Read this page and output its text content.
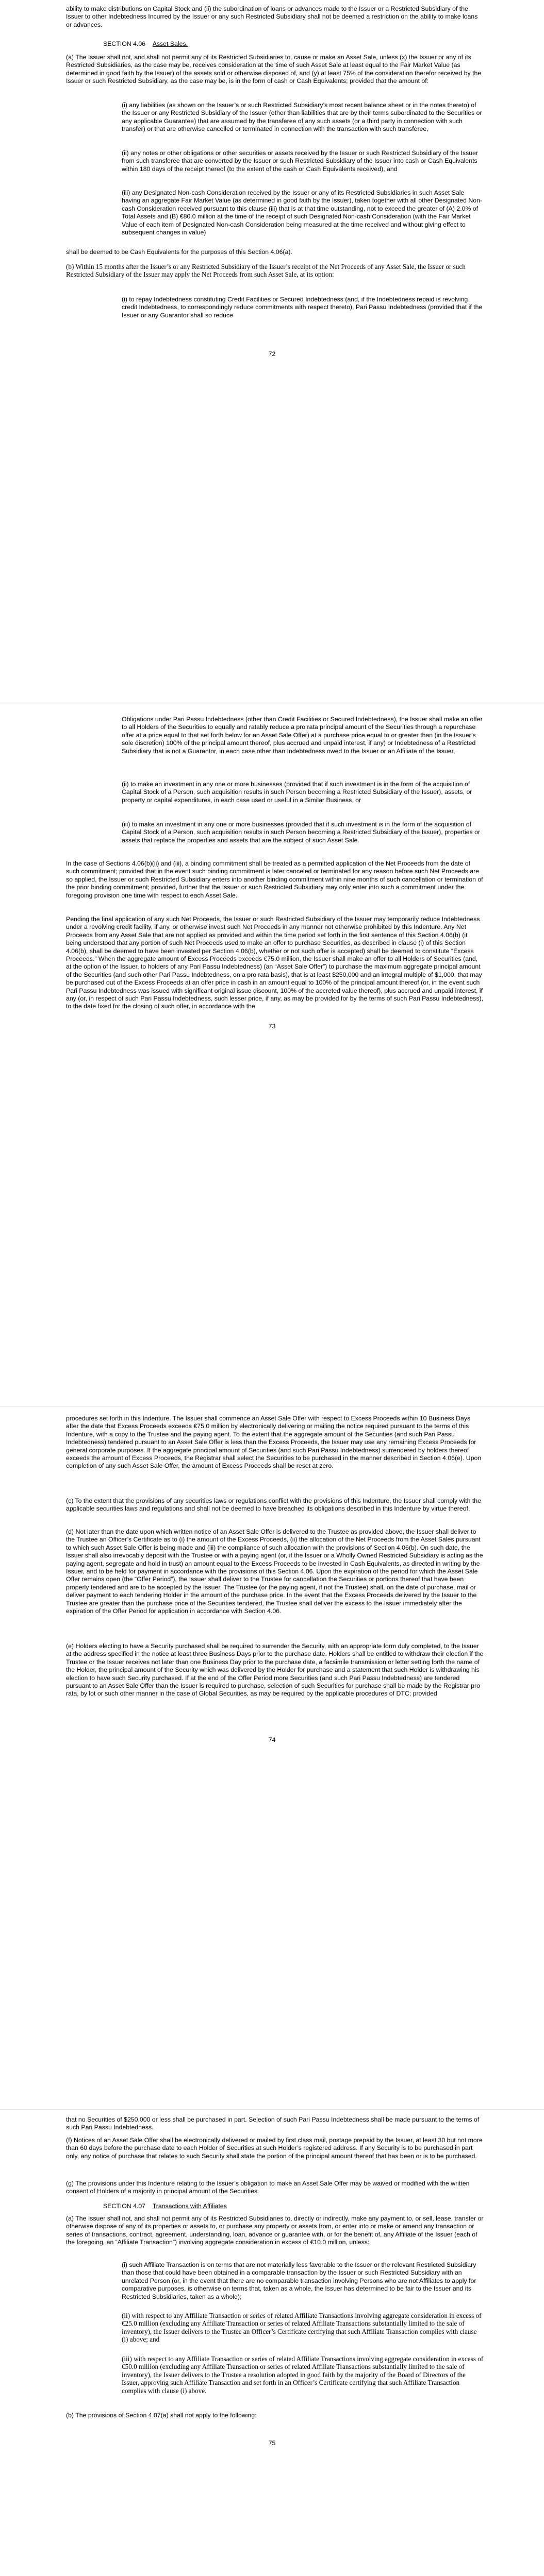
ability to make distributions on Capital Stock and (ii) the subordination of loans or advances made to the Issuer or a Restricted Subsidiary of the Issuer to other Indebtedness Incurred by the Issuer or any such Restricted Subsidiary shall not be deemed a restriction on the ability to make loans or advances.

SECTION 4.06 Asset Sales.

(a) The Issuer shall not, and shall not permit any of its Restricted Subsidiaries to, cause or make an Asset Sale, unless (x) the Issuer or any of its Restricted Subsidiaries, as the case may be, receives consideration at the time of such Asset Sale at least equal to the Fair Market Value (as determined in good faith by the Issuer) of the assets sold or otherwise disposed of, and (y) at least 75% of the consideration therefor received by the Issuer or such Restricted Subsidiary, as the case may be, is in the form of cash or Cash Equivalents; provided that the amount of:

(i) any liabilities (as shown on the Issuer’s or such Restricted Subsidiary’s most recent balance sheet or in the notes thereto) of the Issuer or any Restricted Subsidiary of the Issuer (other than liabilities that are by their terms subordinated to the Securities or any applicable Guarantee) that are assumed by the transferee of any such assets (or a third party in connection with such transfer) or that are otherwise cancelled or terminated in connection with the transaction with such transferee,

(ii) any notes or other obligations or other securities or assets received by the Issuer or such Restricted Subsidiary of the Issuer from such transferee that are converted by the Issuer or such Restricted Subsidiary of the Issuer into cash or Cash Equivalents within 180 days of the receipt thereof (to the extent of the cash or Cash Equivalents received), and

(iii) any Designated Non-cash Consideration received by the Issuer or any of its Restricted Subsidiaries in such Asset Sale having an aggregate Fair Market Value (as determined in good faith by the Issuer), taken together with all other Designated Non-cash Consideration received pursuant to this clause (iii) that is at that time outstanding, not to exceed the greater of (A) 2.0% of Total Assets and (B) €80.0 million at the time of the receipt of such Designated Non-cash Consideration (with the Fair Market Value of each item of Designated Non-cash Consideration being measured at the time received and without giving effect to subsequent changes in value)

shall be deemed to be Cash Equivalents for the purposes of this Section 4.06(a).

(b) Within 15 months after the Issuer’s or any Restricted Subsidiary of the Issuer’s receipt of the Net Proceeds of any Asset Sale, the Issuer or such Restricted Subsidiary of the Issuer may apply the Net Proceeds from such Asset Sale, at its option:

(i) to repay Indebtedness constituting Credit Facilities or Secured Indebtedness (and, if the Indebtedness repaid is revolving credit Indebtedness, to correspondingly reduce commitments with respect thereto), Pari Passu Indebtedness (provided that if the Issuer or any Guarantor shall so reduce

72

Obligations under Pari Passu Indebtedness (other than Credit Facilities or Secured Indebtedness), the Issuer shall make an offer to all Holders of the Securities to equally and ratably reduce a pro rata principal amount of the Securities through a repurchase offer at a price equal to that set forth below for an Asset Sale Offer) at a purchase price equal to or greater than (in the Issuer’s sole discretion) 100% of the principal amount thereof, plus accrued and unpaid interest, if any) or Indebtedness of a Restricted Subsidiary that is not a Guarantor, in each case other than Indebtedness owed to the Issuer or an Affiliate of the Issuer,

(ii) to make an investment in any one or more businesses (provided that if such investment is in the form of the acquisition of Capital Stock of a Person, such acquisition results in such Person becoming a Restricted Subsidiary of the Issuer), assets, or property or capital expenditures, in each case used or useful in a Similar Business, or

(iii) to make an investment in any one or more businesses (provided that if such investment is in the form of the acquisition of Capital Stock of a Person, such acquisition results in such Person becoming a Restricted Subsidiary of the Issuer), properties or assets that replace the properties and assets that are the subject of such Asset Sale.

In the case of Sections 4.06(b)(ii) and (iii), a binding commitment shall be treated as a permitted application of the Net Proceeds from the date of such commitment; provided that in the event such binding commitment is later canceled or terminated for any reason before such Net Proceeds are so applied, the Issuer or such Restricted Subsidiary enters into another binding commitment within nine months of such cancellation or termination of the prior binding commitment; provided, further that the Issuer or such Restricted Subsidiary may only enter into such a commitment under the foregoing provision one time with respect to each Asset Sale.

Pending the final application of any such Net Proceeds, the Issuer or such Restricted Subsidiary of the Issuer may temporarily reduce Indebtedness under a revolving credit facility, if any, or otherwise invest such Net Proceeds in any manner not otherwise prohibited by this Indenture. Any Net Proceeds from any Asset Sale that are not applied as provided and within the time period set forth in the first sentence of this Section 4.06(b) (it being understood that any portion of such Net Proceeds used to make an offer to purchase Securities, as described in clause (i) of this Section 4.06(b), shall be deemed to have been invested per Section 4.06(b), whether or not such offer is accepted) shall be deemed to constitute “Excess Proceeds.” When the aggregate amount of Excess Proceeds exceeds €75.0 million, the Issuer shall make an offer to all Holders of Securities (and, at the option of the Issuer, to holders of any Pari Passu Indebtedness) (an “Asset Sale Offer”) to purchase the maximum aggregate principal amount of the Securities (and such other Pari Passu Indebtedness, on a pro rata basis), that is at least $250,000 and an integral multiple of $1,000, that may be purchased out of the Excess Proceeds at an offer price in cash in an amount equal to 100% of the principal amount thereof (or, in the event such Pari Passu Indebtedness was issued with significant original issue discount, 100% of the accreted value thereof), plus accrued and unpaid interest, if any (or, in respect of such Pari Passu Indebtedness, such lesser price, if any, as may be provided for by the terms of such Pari Passu Indebtedness), to the date fixed for the closing of such offer, in accordance with the

73

procedures set forth in this Indenture. The Issuer shall commence an Asset Sale Offer with respect to Excess Proceeds within 10 Business Days after the date that Excess Proceeds exceeds €75.0 million by electronically delivering or mailing the notice required pursuant to the terms of this Indenture, with a copy to the Trustee and the paying agent. To the extent that the aggregate amount of the Securities (and such Pari Passu Indebtedness) tendered pursuant to an Asset Sale Offer is less than the Excess Proceeds, the Issuer may use any remaining Excess Proceeds for general corporate purposes. If the aggregate principal amount of Securities (and such Pari Passu Indebtedness) surrendered by holders thereof exceeds the amount of Excess Proceeds, the Registrar shall select the Securities to be purchased in the manner described in Section 4.06(e). Upon completion of any such Asset Sale Offer, the amount of Excess Proceeds shall be reset at zero.

(c) To the extent that the provisions of any securities laws or regulations conflict with the provisions of this Indenture, the Issuer shall comply with the applicable securities laws and regulations and shall not be deemed to have breached its obligations described in this Indenture by virtue thereof.

(d) Not later than the date upon which written notice of an Asset Sale Offer is delivered to the Trustee as provided above, the Issuer shall deliver to the Trustee an Officer’s Certificate as to (i) the amount of the Excess Proceeds, (ii) the allocation of the Net Proceeds from the Asset Sales pursuant to which such Asset Sale Offer is being made and (iii) the compliance of such allocation with the provisions of Section 4.06(b). On such date, the Issuer shall also irrevocably deposit with the Trustee or with a paying agent (or, if the Issuer or a Wholly Owned Restricted Subsidiary is acting as the paying agent, segregate and hold in trust) an amount equal to the Excess Proceeds to be invested in Cash Equivalents, as directed in writing by the Issuer, and to be held for payment in accordance with the provisions of this Section 4.06. Upon the expiration of the period for which the Asset Sale Offer remains open (the “Offer Period”), the Issuer shall deliver to the Trustee for cancellation the Securities or portions thereof that have been properly tendered and are to be accepted by the Issuer. The Trustee (or the paying agent, if not the Trustee) shall, on the date of purchase, mail or deliver payment to each tendering Holder in the amount of the purchase price. In the event that the Excess Proceeds delivered by the Issuer to the Trustee are greater than the purchase price of the Securities tendered, the Trustee shall deliver the excess to the Issuer immediately after the expiration of the Offer Period for application in accordance with Section 4.06.

(e) Holders electing to have a Security purchased shall be required to surrender the Security, with an appropriate form duly completed, to the Issuer at the address specified in the notice at least three Business Days prior to the purchase date. Holders shall be entitled to withdraw their election if the Trustee or the Issuer receives not later than one Business Day prior to the purchase date, a facsimile transmission or letter setting forth the name of the Holder, the principal amount of the Security which was delivered by the Holder for purchase and a statement that such Holder is withdrawing his election to have such Security purchased. If at the end of the Offer Period more Securities (and such Pari Passu Indebtedness) are tendered pursuant to an Asset Sale Offer than the Issuer is required to purchase, selection of such Securities for purchase shall be made by the Registrar pro rata, by lot or such other manner in the case of Global Securities, as may be required by the applicable procedures of DTC; provided

74

that no Securities of $250,000 or less shall be purchased in part. Selection of such Pari Passu Indebtedness shall be made pursuant to the terms of such Pari Passu Indebtedness.

(f) Notices of an Asset Sale Offer shall be electronically delivered or mailed by first class mail, postage prepaid by the Issuer, at least 30 but not more than 60 days before the purchase date to each Holder of Securities at such Holder’s registered address. If any Security is to be purchased in part only, any notice of purchase that relates to such Security shall state the portion of the principal amount thereof that has been or is to be purchased.

(g) The provisions under this Indenture relating to the Issuer’s obligation to make an Asset Sale Offer may be waived or modified with the written consent of Holders of a majority in principal amount of the Securities.

SECTION 4.07 Transactions with Affiliates

(a) The Issuer shall not, and shall not permit any of its Restricted Subsidiaries to, directly or indirectly, make any payment to, or sell, lease, transfer or otherwise dispose of any of its properties or assets to, or purchase any property or assets from, or enter into or make or amend any transaction or series of transactions, contract, agreement, understanding, loan, advance or guarantee with, or for the benefit of, any Affiliate of the Issuer (each of the foregoing, an “Affiliate Transaction”) involving aggregate consideration in excess of €10.0 million, unless:

(i) such Affiliate Transaction is on terms that are not materially less favorable to the Issuer or the relevant Restricted Subsidiary than those that could have been obtained in a comparable transaction by the Issuer or such Restricted Subsidiary with an unrelated Person (or, in the event that there are no comparable transaction involving Persons who are not Affiliates to apply for comparative purposes, is otherwise on terms that, taken as a whole, the Issuer has determined to be fair to the Issuer and its Restricted Subsidiaries, taken as a whole);

(ii) with respect to any Affiliate Transaction or series of related Affiliate Transactions involving aggregate consideration in excess of €25.0 million (excluding any Affiliate Transaction or series of related Affiliate Transactions substantially limited to the sale of inventory), the Issuer delivers to the Trustee an Officer’s Certificate certifying that such Affiliate Transaction complies with clause (i) above; and

(iii) with respect to any Affiliate Transaction or series of related Affiliate Transactions involving aggregate consideration in excess of €50.0 million (excluding any Affiliate Transaction or series of related Affiliate Transactions substantially limited to the sale of inventory), the Issuer delivers to the Trustee a resolution adopted in good faith by the majority of the Board of Directors of the Issuer, approving such Affiliate Transaction and set forth in an Officer’s Certificate certifying that such Affiliate Transaction complies with clause (i) above.

(b) The provisions of Section 4.07(a) shall not apply to the following:

75
